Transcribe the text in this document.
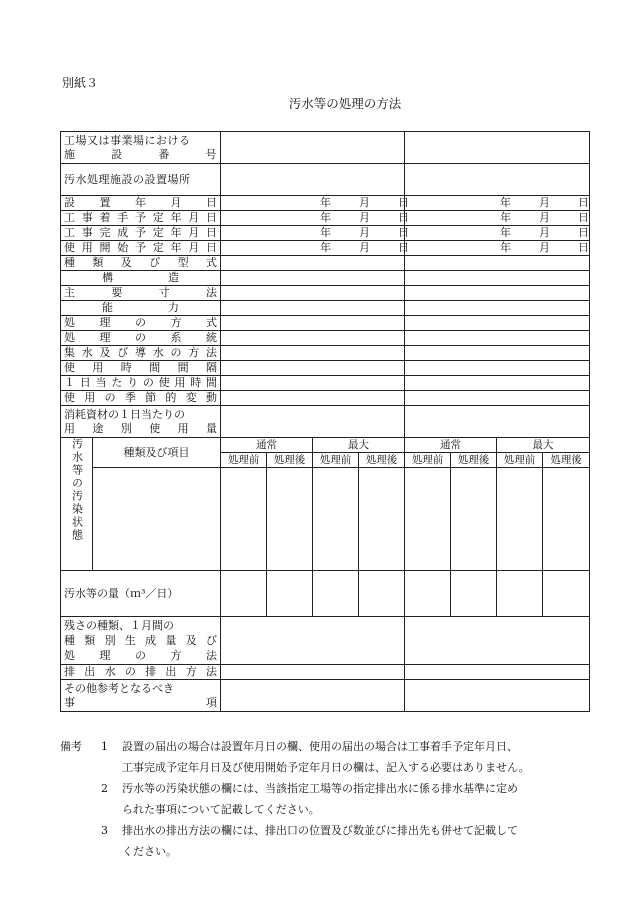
別紙３
汚水等の処理の方法
工場又は事業場における
施　設　番　号									

汚水処理施設の設置場所									
設　置　年　月　日		年 月 日				年 月 日			
工事着手予定年月日		年 月 日				年 月 日			
工事完成予定年月日		年 月 日				年 月 日			
使用開始予定年月日		年 月 日				年 月 日			
種　類　及　び　型　式									
構　　　　　造									
主　　要　　寸　　法									
能　　　　　力									
処　理　の　方　式									
処　理　の　系　統									
集水及び導水の方法									
使　用　時　間　間　隔									
１日当たりの使用時間									
使用の季節的変動									

消耗資材の１日当たりの
用　途　別　使　用　量									

汚水等の汚染状態	種類及び項目	通常		最大		通常		最大	
		処理前	処理後	処理前	処理後	処理前	処理後	処理前	処理後

汚水等の量（ｍ³／日）									

残さの種類、１月間の
種類別生成量及び
処　理　の　方　法									

排出水の排出方法									

その他参考となるべき
事　　　　　　　項									

備考 1 設置の届出の場合は設置年月日の欄、使用の届出の場合は工事着手予定年月日、
工事完成予定年月日及び使用開始予定年月日の欄は、記入する必要はありません。
2 汚水等の汚染状態の欄には、当該指定工場等の指定排出水に係る排水基準に定め
られた事項について記載してください。
3 排出水の排出方法の欄には、排出口の位置及び数並びに排出先も併せて記載して
ください。
